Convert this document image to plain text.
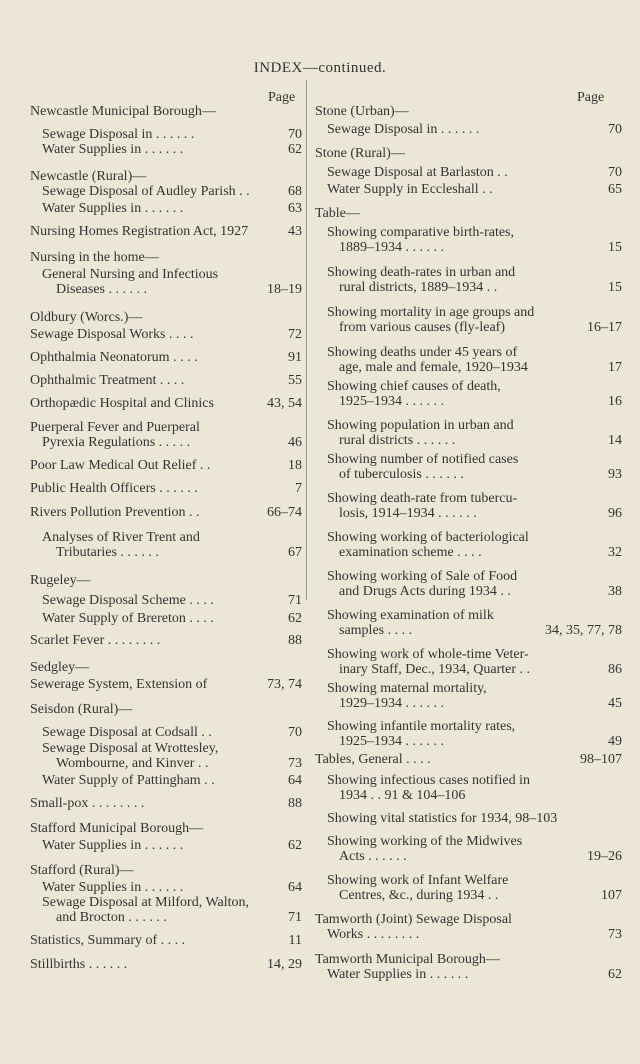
INDEX—continued.
Page	Page
Newcastle Municipal Borough—
Sewage Disposal in . . . . . .	70
Water Supplies in . . . . . .	62
Newcastle (Rural)—
Sewage Disposal of Audley Parish . .	68
Water Supplies in . . . . . .	63
Nursing Homes Registration Act, 1927	43
Nursing in the home—
General Nursing and Infectious
Diseases . . . . . .	18–19
Oldbury (Worcs.)—
Sewage Disposal Works . . . .	72
Ophthalmia Neonatorum . . . .	91
Ophthalmic Treatment . . . .	55
Orthopædic Hospital and Clinics	43, 54
Puerperal Fever and Puerperal
Pyrexia Regulations . . . . .	46
Poor Law Medical Out Relief . .	18
Public Health Officers . . . . . .	7
Rivers Pollution Prevention . .	66–74
Analyses of River Trent and
Tributaries . . . . . .	67
Rugeley—
Sewage Disposal Scheme . . . .	71
Water Supply of Brereton . . . .	62
Scarlet Fever . . . . . . . .	88
Sedgley—
Sewerage System, Extension of	73, 74
Seisdon (Rural)—
Sewage Disposal at Codsall . .	70
Sewage Disposal at Wrottesley,
Wombourne, and Kinver . .	73
Water Supply of Pattingham . .	64
Small-pox . . . . . . . .	88
Stafford Municipal Borough—
Water Supplies in . . . . . .	62
Stafford (Rural)—
Water Supplies in . . . . . .	64
Sewage Disposal at Milford, Walton,
and Brocton . . . . . .	71
Statistics, Summary of . . . .	11
Stillbirths . . . . . .	14, 29
Stone (Urban)—
Sewage Disposal in . . . . . .	70
Stone (Rural)—
Sewage Disposal at Barlaston . .	70
Water Supply in Eccleshall . .	65
Table—
Showing comparative birth-rates,
1889–1934 . . . . . .	15
Showing death-rates in urban and
rural districts, 1889–1934 . .	15
Showing mortality in age groups and
from various causes (fly-leaf)	16–17
Showing deaths under 45 years of
age, male and female, 1920–1934	17
Showing chief causes of death,
1925–1934 . . . . . .	16
Showing population in urban and
rural districts . . . . . .	14
Showing number of notified cases
of tuberculosis . . . . . .	93
Showing death-rate from tubercu-
losis, 1914–1934 . . . . . .	96
Showing working of bacteriological
examination scheme . . . .	32
Showing working of Sale of Food
and Drugs Acts during 1934 . .	38
Showing examination of milk
samples . . . .	34, 35, 77, 78
Showing work of whole-time Veter-
inary Staff, Dec., 1934, Quarter . .	86
Showing maternal mortality,
1929–1934 . . . . . .	45
Showing infantile mortality rates,
1925–1934 . . . . . .	49
Tables, General . . . .	98–107
Showing infectious cases notified in
1934 . . 91 & 104–106
Showing vital statistics for 1934, 98–103
Showing working of the Midwives
Acts . . . . . .	19–26
Showing work of Infant Welfare
Centres, &c., during 1934 . .	107
Tamworth (Joint) Sewage Disposal
Works . . . . . . . .	73
Tamworth Municipal Borough—
Water Supplies in . . . . . .	62
